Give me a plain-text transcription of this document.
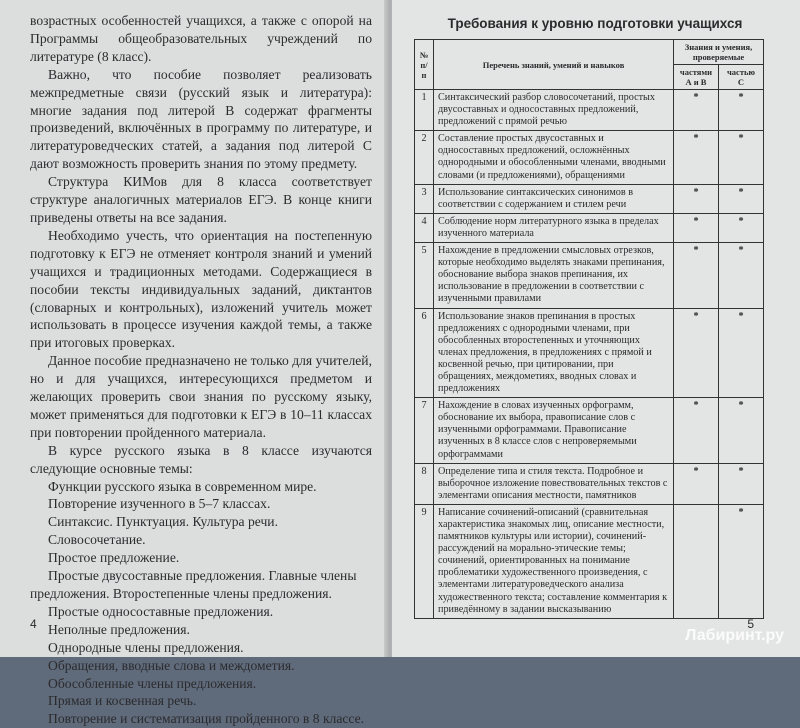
возрастных особенностей учащихся, а также с опорой на Программы общеобразовательных учреждений по литературе (8 класс).

Важно, что пособие позволяет реализовать межпредметные связи (русский язык и литература): многие задания под литерой В содержат фрагменты произведений, включённых в программу по литературе, и литературоведческих статей, а задания под литерой С дают возможность проверить знания по этому предмету.

Структура КИМов для 8 класса соответствует структуре аналогичных материалов ЕГЭ. В конце книги приведены ответы на все задания.

Необходимо учесть, что ориентация на постепенную подготовку к ЕГЭ не отменяет контроля знаний и умений учащихся и традиционных методами. Содержащиеся в пособии тексты индивидуальных заданий, диктантов (словарных и контрольных), изложений учитель может использовать в процессе изучения каждой темы, а также при итоговых проверках.

Данное пособие предназначено не только для учителей, но и для учащихся, интересующихся предметом и желающих проверить свои знания по русскому языку, может применяться для подготовки к ЕГЭ в 10–11 классах при повторении пройденного материала.

В курсе русского языка в 8 классе изучаются следующие основные темы:

Функции русского языка в современном мире.

Повторение изученного в 5–7 классах.

Синтаксис. Пунктуация. Культура речи.

Словосочетание.

Простое предложение.

Простые двусоставные предложения. Главные члены предложения. Второстепенные члены предложения.

Простые односоставные предложения.

Неполные предложения.

Однородные члены предложения.

Обращения, вводные слова и междометия.

Обособленные члены предложения.

Прямая и косвенная речь.

Повторение и систематизация пройденного в 8 классе.

4
Требования к уровню подготовки учащихся
№ п/п	Перечень знаний, умений и навыков	Знания и умения, проверяемые	
		частями А и В	частью С
1	Синтаксический разбор словосочетаний, простых двусоставных и односоставных предложений, предложений с прямой речью	*	*
2	Составление простых двусоставных и односоставных предложений, осложнённых однородными и обособленными членами, вводными словами (и предложениями), обращениями	*	*
3	Использование синтаксических синонимов в соответствии с содержанием и стилем речи	*	*
4	Соблюдение норм литературного языка в пределах изученного материала	*	*
5	Нахождение в предложении смысловых отрезков, которые необходимо выделять знаками препинания, обоснование выбора знаков препинания, их использование в предложении в соответствии с изученными правилами	*	*
6	Использование знаков препинания в простых предложениях с однородными членами, при обособленных второстепенных и уточняющих членах предложения, в предложениях с прямой и косвенной речью, при цитировании, при обращениях, междометиях, вводных словах и предложениях	*	*
7	Нахождение в словах изученных орфограмм, обоснование их выбора, правописание слов с изученными орфограммами. Правописание изученных в 8 классе слов с непроверяемыми орфограммами	*	*
8	Определение типа и стиля текста. Подробное и выборочное изложение повествовательных текстов с элементами описания местности, памятников	*	*
9	Написание сочинений-описаний (сравнительная характеристика знакомых лиц, описание местности, памятников культуры или истории), сочинений-рассуждений на морально-этические темы; сочинений, ориентированных на понимание проблематики художественного произведения, с элементами литературоведческого анализа художественного текста; составление комментария к приведённому в задании высказыванию		*
5
Лабиринт.ру
